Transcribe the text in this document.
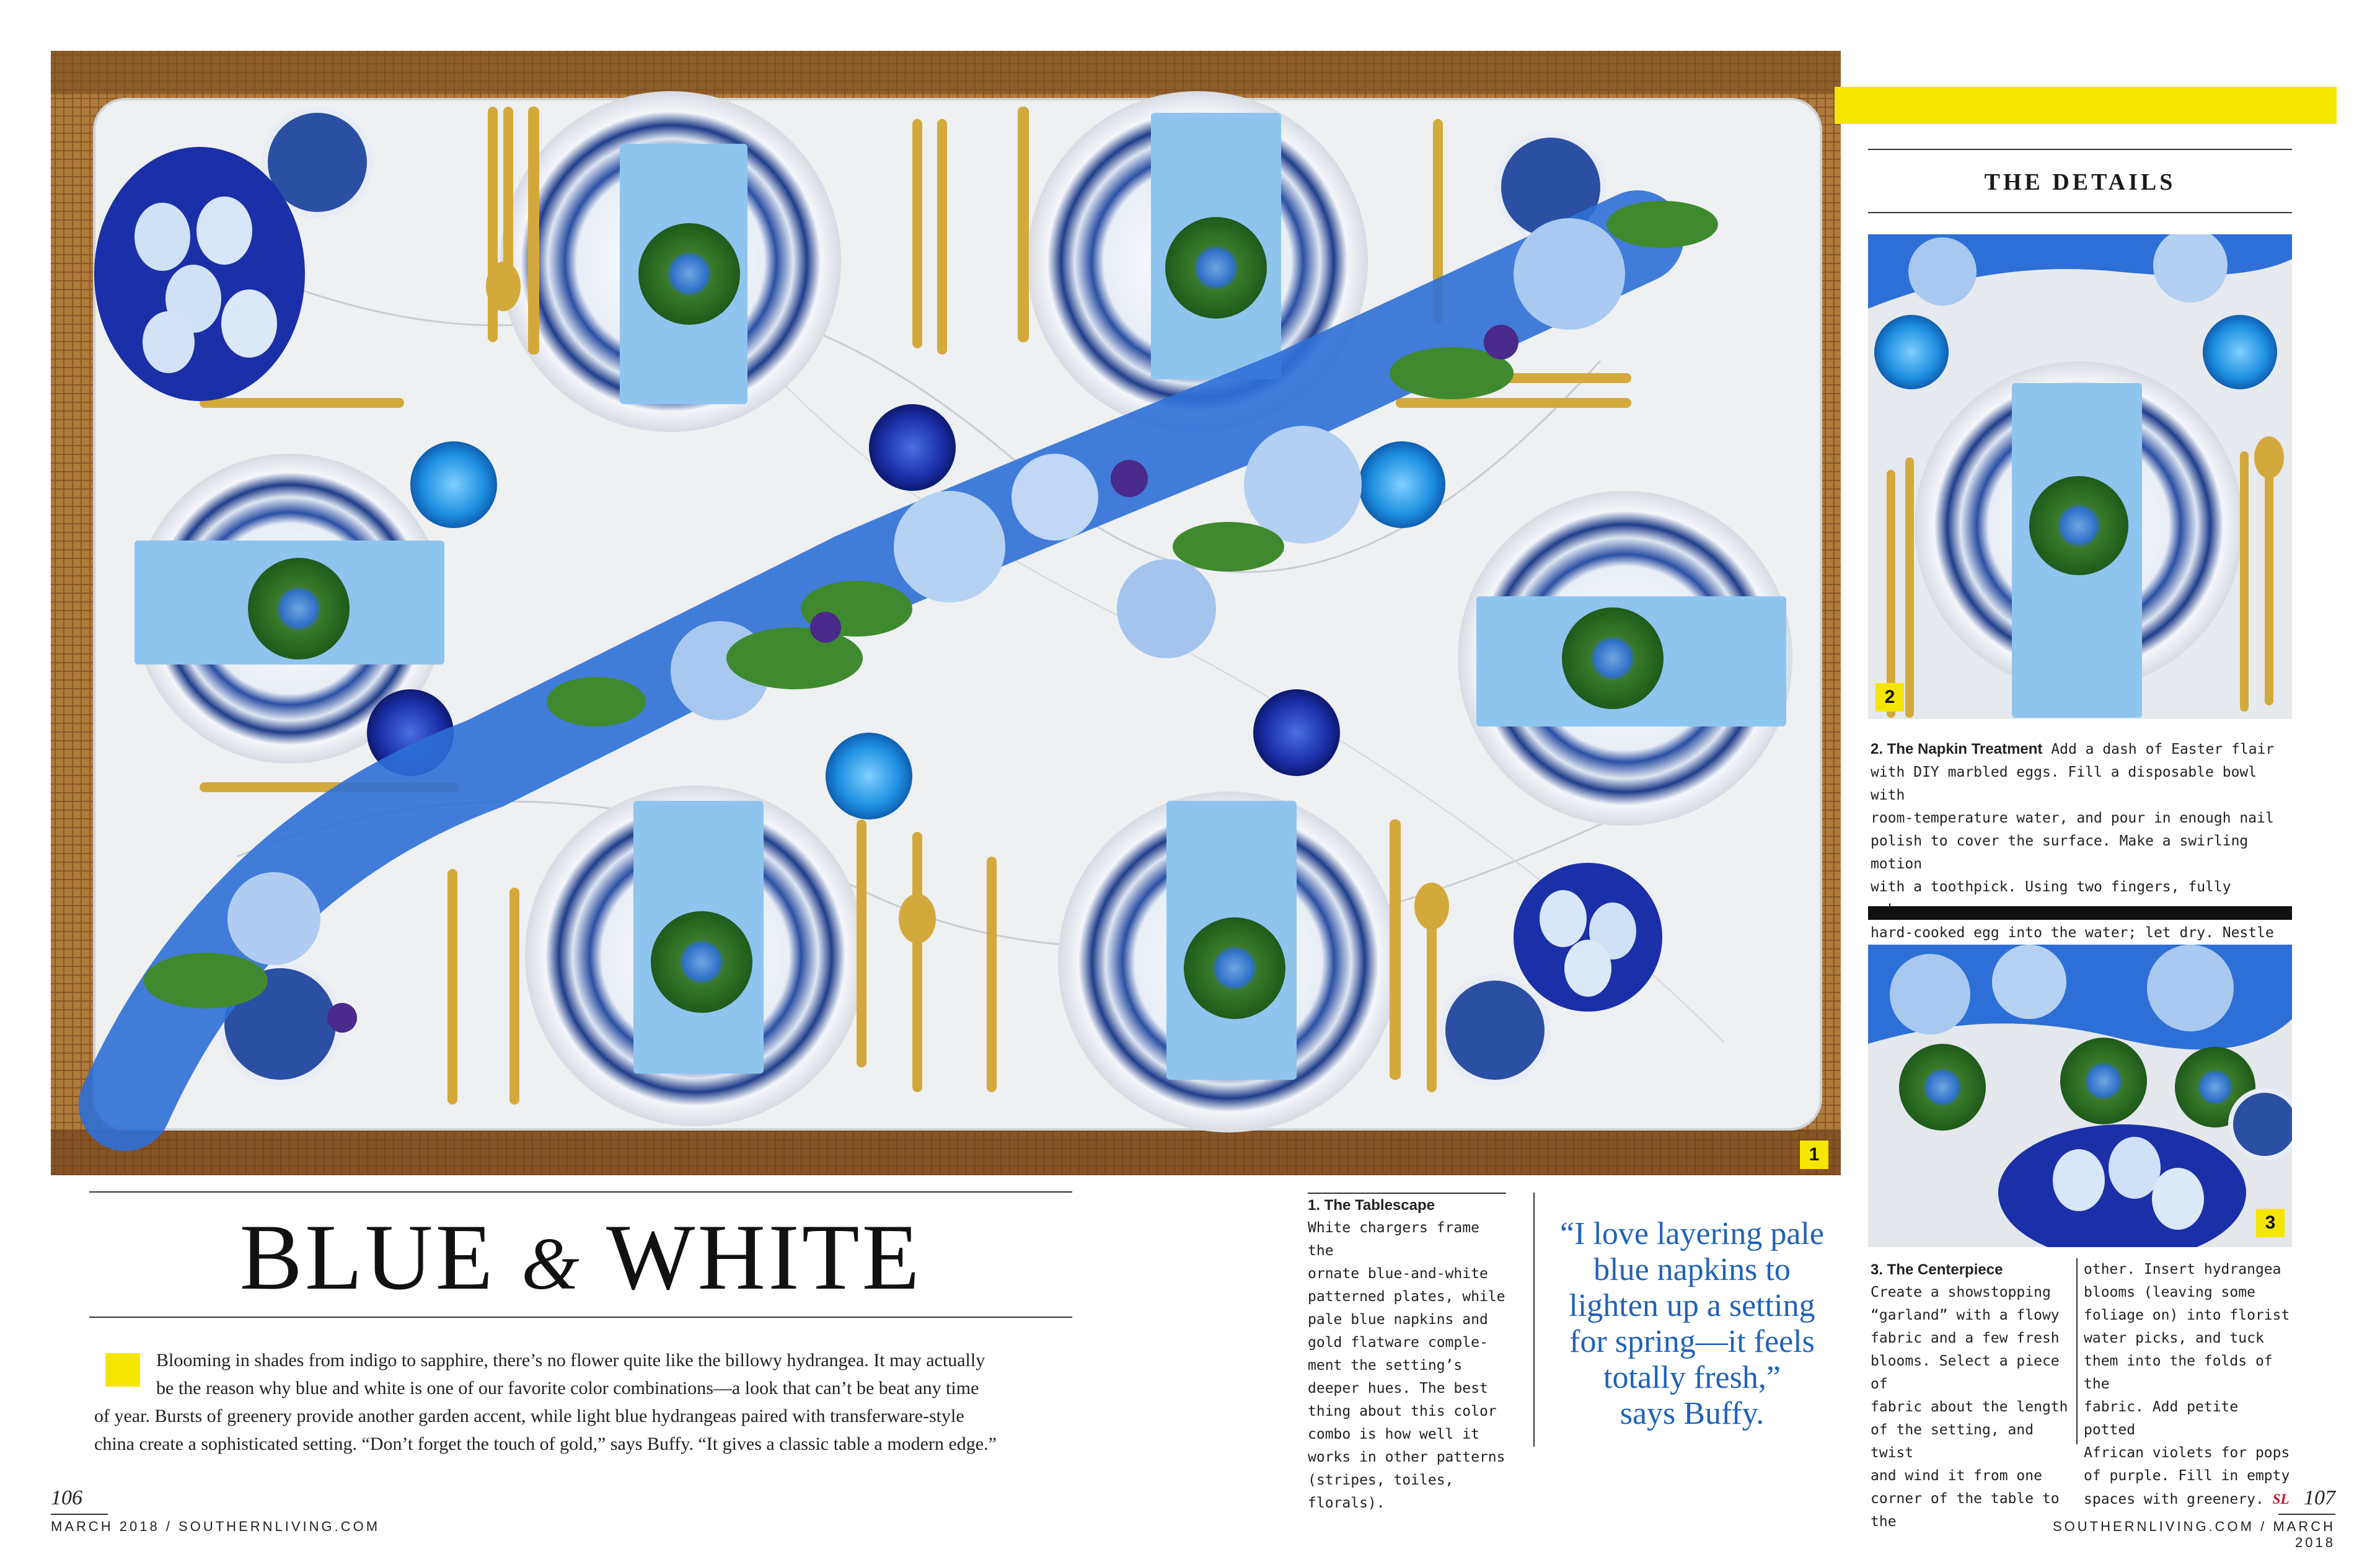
1
BLUE & WHITE
Blooming in shades from indigo to sapphire, there’s no flower quite like the billowy hydrangea. It may actually
be the reason why blue and white is one of our favorite color combinations—a look that can’t be beat any time
of year. Bursts of greenery provide another garden accent, while light blue hydrangeas paired with transferware-style
china create a sophisticated setting. “Don’t forget the touch of gold,” says Buffy. “It gives a classic table a modern edge.”
1. The Tablescape
White chargers frame the
ornate blue-and-white
patterned plates, while
pale blue napkins and
gold flatware comple-
ment the setting’s
deeper hues. The best
thing about this color
combo is how well it
works in other patterns
(stripes, toiles, florals).
“I love layering pale
blue napkins to
lighten up a setting
for spring—it feels
totally fresh,”
says Buffy.
THE DETAILS
2
2. The Napkin Treatment Add a dash of Easter flair
with DIY marbled eggs. Fill a disposable bowl with
room-temperature water, and pour in enough nail
polish to cover the surface. Make a swirling motion
with a toothpick. Using two fingers, fully
hard-cooked egg into the water; let dry. Nestle
3
3. The Centerpiece
Create a showstopping
“garland” with a flowy
fabric and a few fresh
blooms. Select a piece of
fabric about the length
of the setting, and twist
and wind it from one
corner of the table to the
other. Insert hydrangea
blooms (leaving some
foliage on) into florist
water picks, and tuck
them into the folds of the
fabric. Add petite potted
African violets for pops
of purple. Fill in empty
spaces with greenery. SL
106
MARCH 2018 / SOUTHERNLIVING.COM
107
SOUTHERNLIVING.COM / MARCH 2018
